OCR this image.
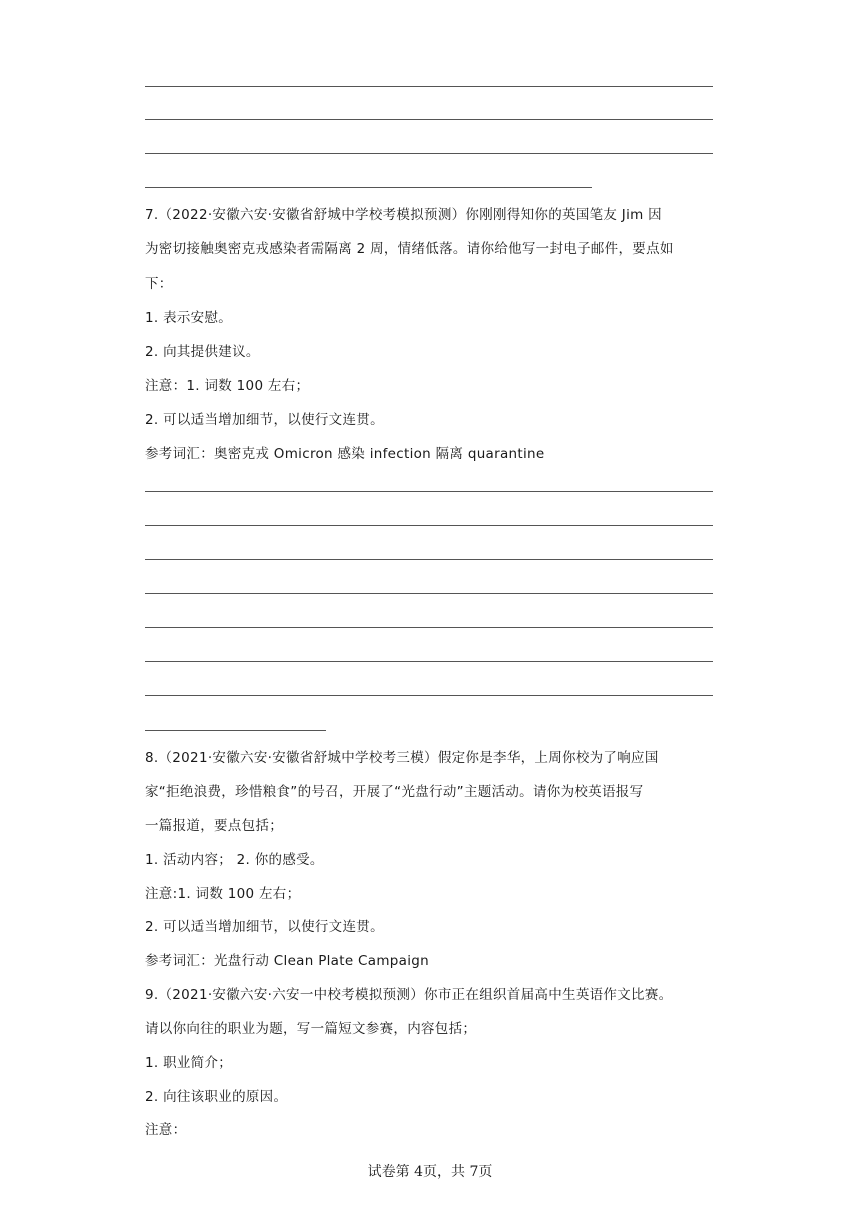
7.（2022·安徽六安·安徽省舒城中学校考模拟预测）你刚刚得知你的英国笔友 Jim 因
为密切接触奥密克戎感染者需隔离 2 周，情绪低落。请你给他写一封电子邮件，要点如
下：
1. 表示安慰。
2. 向其提供建议。
注意：1. 词数 100 左右；
2. 可以适当增加细节，以使行文连贯。
参考词汇：奥密克戎 Omicron 感染 infection 隔离 quarantine
8.（2021·安徽六安·安徽省舒城中学校考三模）假定你是李华，上周你校为了响应国
家“拒绝浪费，珍惜粮食”的号召，开展了“光盘行动”主题活动。请你为校英语报写
一篇报道，要点包括；
1. 活动内容； 2. 你的感受。
注意:1. 词数 100 左右；
2. 可以适当增加细节，以使行文连贯。
参考词汇：光盘行动 Clean Plate Campaign
9.（2021·安徽六安·六安一中校考模拟预测）你市正在组织首届高中生英语作文比赛。
请以你向往的职业为题，写一篇短文参赛，内容包括；
1. 职业简介；
2. 向往该职业的原因。
注意：
试卷第 4页，共 7页
